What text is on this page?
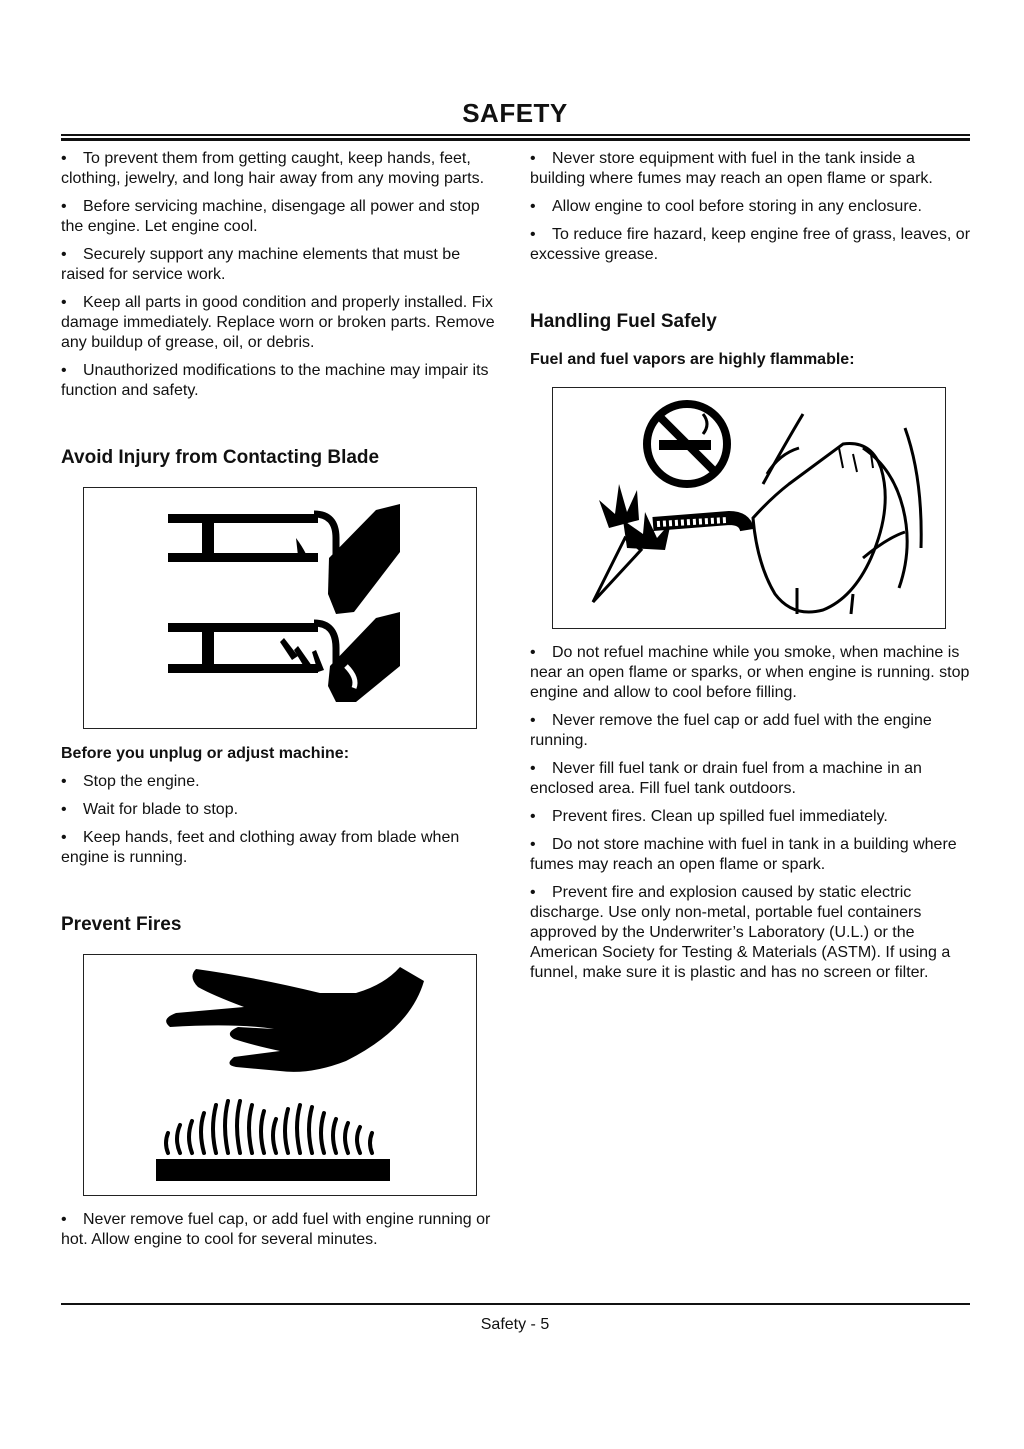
SAFETY
• To prevent them from getting caught, keep hands, feet, clothing, jewelry, and long hair away from any moving parts.
• Before servicing machine, disengage all power and stop the engine. Let engine cool.
• Securely support any machine elements that must be raised for service work.
• Keep all parts in good condition and properly installed. Fix damage immediately. Replace worn or broken parts. Remove any buildup of grease, oil, or debris.
• Unauthorized modifications to the machine may impair its function and safety.
Avoid Injury from Contacting Blade
Before you unplug or adjust machine:
• Stop the engine.
• Wait for blade to stop.
• Keep hands, feet and clothing away from blade when engine is running.
Prevent Fires
• Never remove fuel cap, or add fuel with engine running or hot. Allow engine to cool for several minutes.
• Never store equipment with fuel in the tank inside a building where fumes may reach an open flame or spark.
• Allow engine to cool before storing in any enclosure.
• To reduce fire hazard, keep engine free of grass, leaves, or excessive grease.
Handling Fuel Safely
Fuel and fuel vapors are highly flammable:
• Do not refuel machine while you smoke, when machine is near an open flame or sparks, or when engine is running. stop engine and allow to cool before filling.
• Never remove the fuel cap or add fuel with the engine running.
• Never fill fuel tank or drain fuel from a machine in an enclosed area. Fill fuel tank outdoors.
• Prevent fires. Clean up spilled fuel immediately.
• Do not store machine with fuel in tank in a building where fumes may reach an open flame or spark.
• Prevent fire and explosion caused by static electric discharge. Use only non-metal, portable fuel containers approved by the Underwriter’s Laboratory (U.L.) or the American Society for Testing & Materials (ASTM). If using a funnel, make sure it is plastic and has no screen or filter.
Safety - 5
